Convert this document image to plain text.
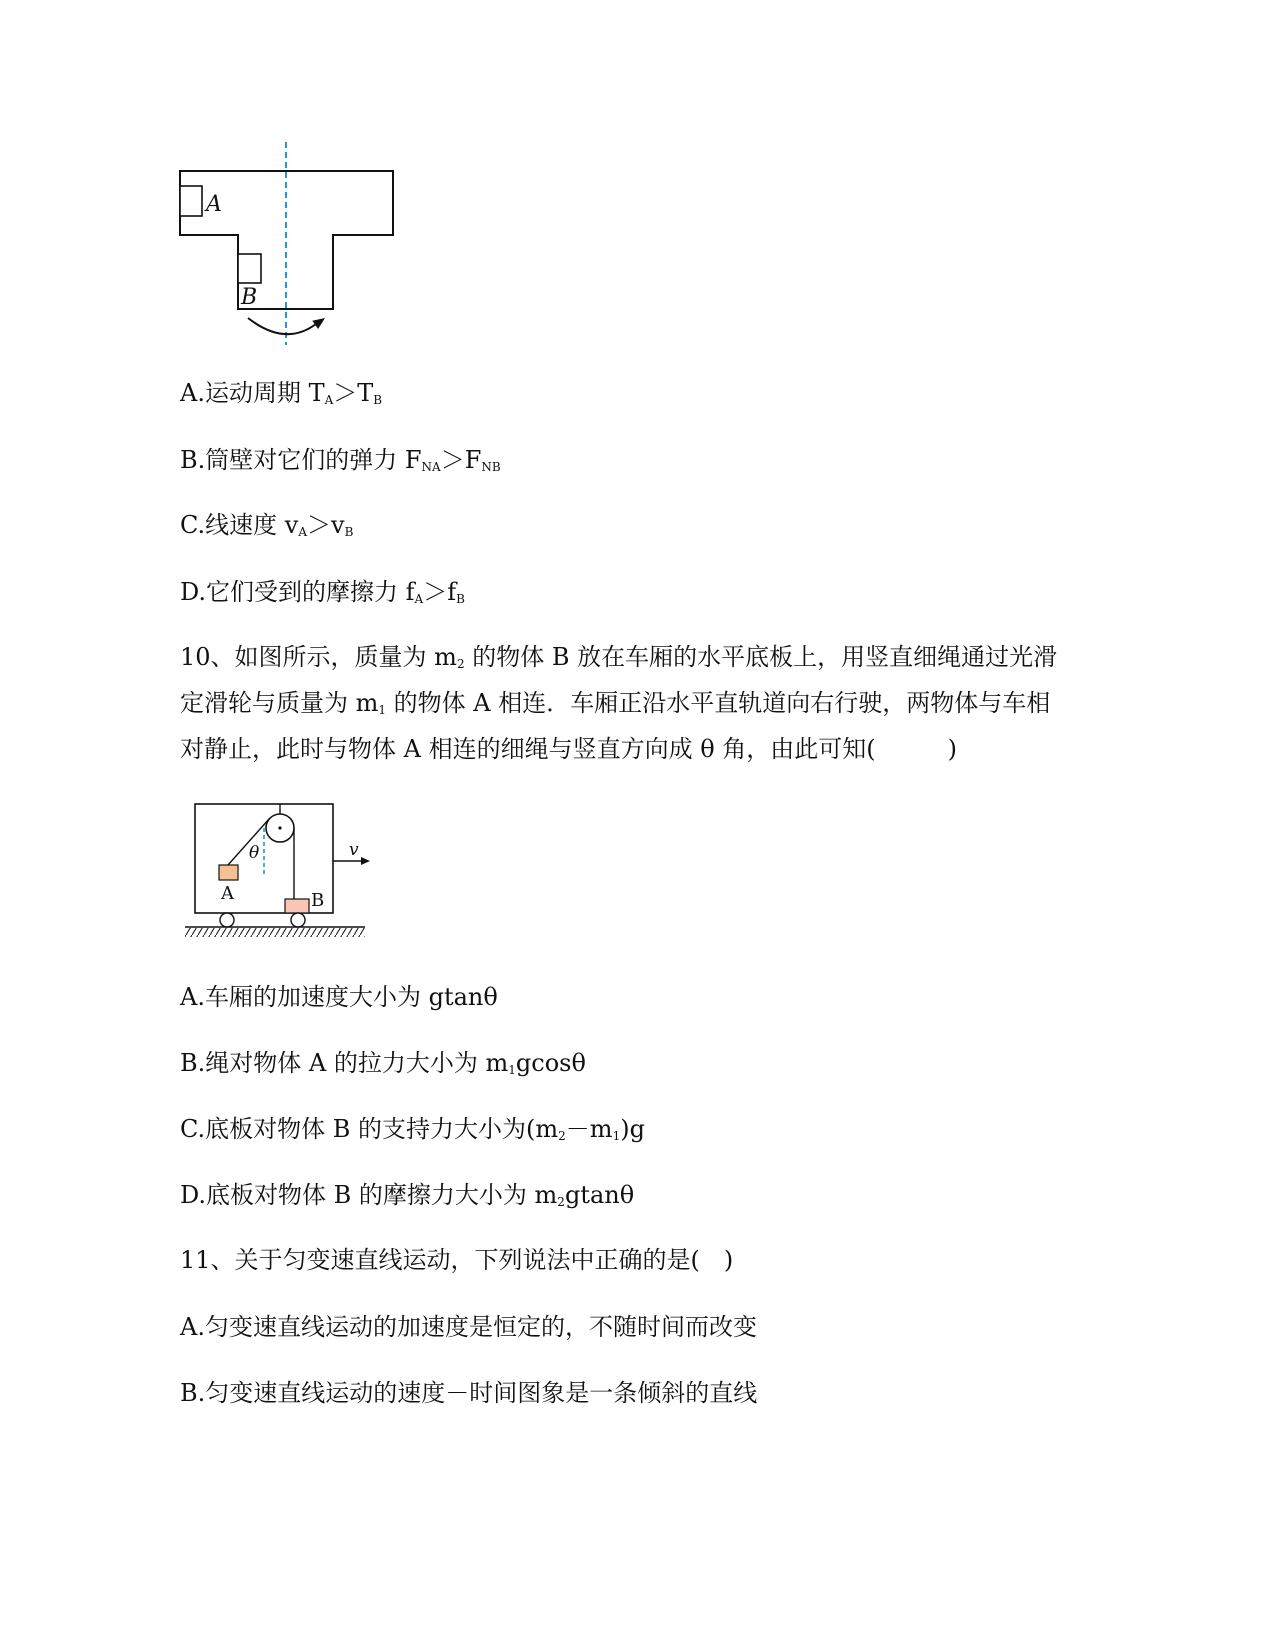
A
B
A.运动周期 $T_A>T_B$
B.筒壁对它们的弹力 $F_{NA}>F_{NB}$
C.线速度 $v_A>v_B$
D.它们受到的摩擦力 $f_A>f_B$
10、如图所示，质量为 $m_2$ 的物体 B 放在车厢的水平底板上，用竖直细绳通过光滑
定滑轮与质量为 $m_1$ 的物体 A 相连．车厢正沿水平直轨道向右行驶，两物体与车相
对静止，此时与物体 A 相连的细绳与竖直方向成 θ 角，由此可知(　　　)
θ
A	B
v
A.车厢的加速度大小为 gtanθ
B.绳对物体 A 的拉力大小为 $m_1gcos\theta$
C.底板对物体 B 的支持力大小为$(m_2-m_1)g$
D.底板对物体 B 的摩擦力大小为 $m_2gtan\theta$
11、关于匀变速直线运动，下列说法中正确的是(　)
A.匀变速直线运动的加速度是恒定的，不随时间而改变
B.匀变速直线运动的速度－时间图象是一条倾斜的直线
